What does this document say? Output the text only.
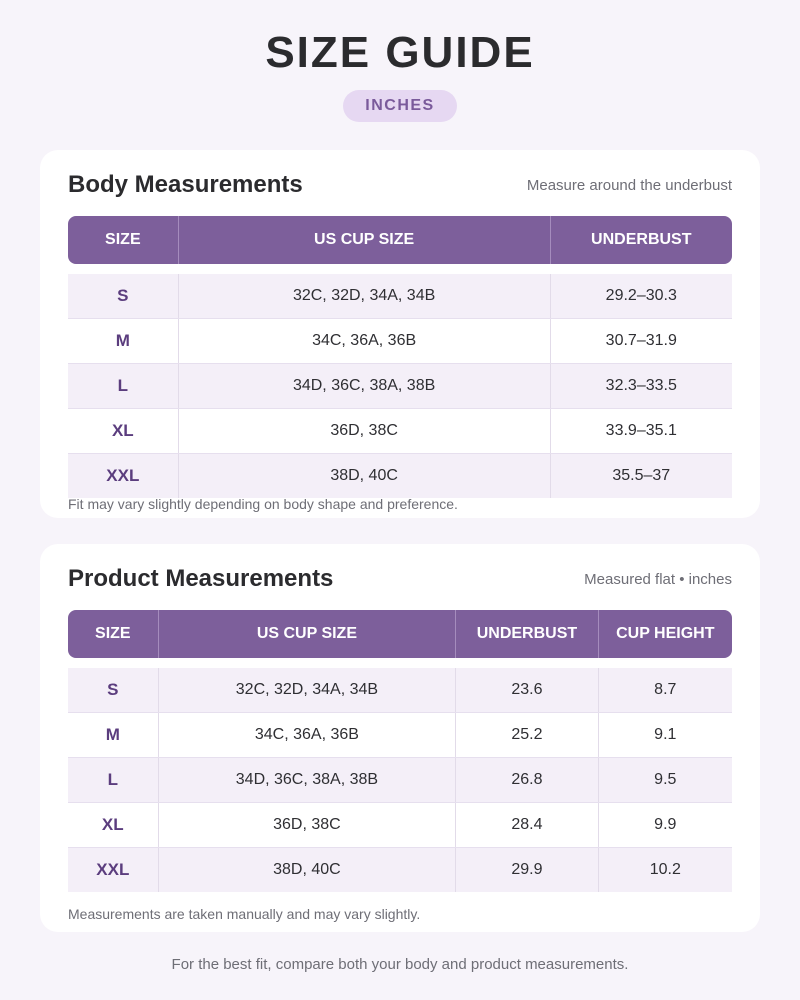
SIZE GUIDE
INCHES
Body Measurements	Measure around the underbust
SIZE	US CUP SIZE	UNDERBUST
S	32C, 32D, 34A, 34B	29.2–30.3
M	34C, 36A, 36B	30.7–31.9
L	34D, 36C, 38A, 38B	32.3–33.5
XL	36D, 38C	33.9–35.1
XXL	38D, 40C	35.5–37
Fit may vary slightly depending on body shape and preference.
Product Measurements	Measured flat • inches
SIZE	US CUP SIZE	UNDERBUST	CUP HEIGHT
S	32C, 32D, 34A, 34B	23.6	8.7
M	34C, 36A, 36B	25.2	9.1
L	34D, 36C, 38A, 38B	26.8	9.5
XL	36D, 38C	28.4	9.9
XXL	38D, 40C	29.9	10.2
Measurements are taken manually and may vary slightly.
For the best fit, compare both your body and product measurements.
